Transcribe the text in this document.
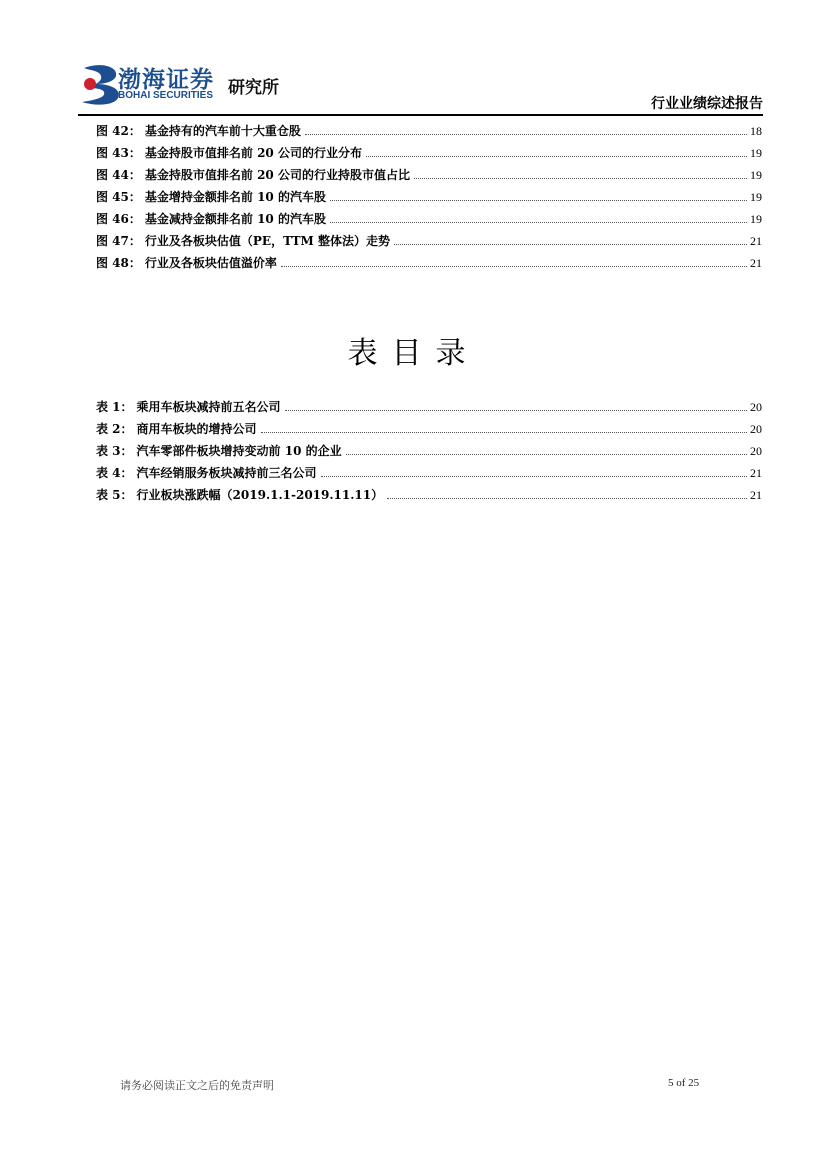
渤海证券
BOHAI SECURITIES 研究所
行业业绩综述报告
图 42 ： 基金持有的汽车前十大重仓股	18
图 43 ： 基金持股市值排名前 20 公司的行业分布	19
图 44 ： 基金持股市值排名前 20 公司的行业持股市值占比	19
图 45 ： 基金增持金额排名前 10 的汽车股	19
图 46 ： 基金减持金额排名前 10 的汽车股	19
图 47 ： 行业及各板块估值（PE，TTM 整体法）走势	21
图 48 ： 行业及各板块估值溢价率	21
表目录
表 1 ： 乘用车板块减持前五名公司	20
表 2 ： 商用车板块的增持公司	20
表 3 ： 汽车零部件板块增持变动前 10 的企业	20
表 4 ： 汽车经销服务板块减持前三名公司	21
表 5 ： 行业板块涨跌幅（2019.1.1-2019.11.11）	21
请务必阅读正文之后的免责声明	5 of 25
